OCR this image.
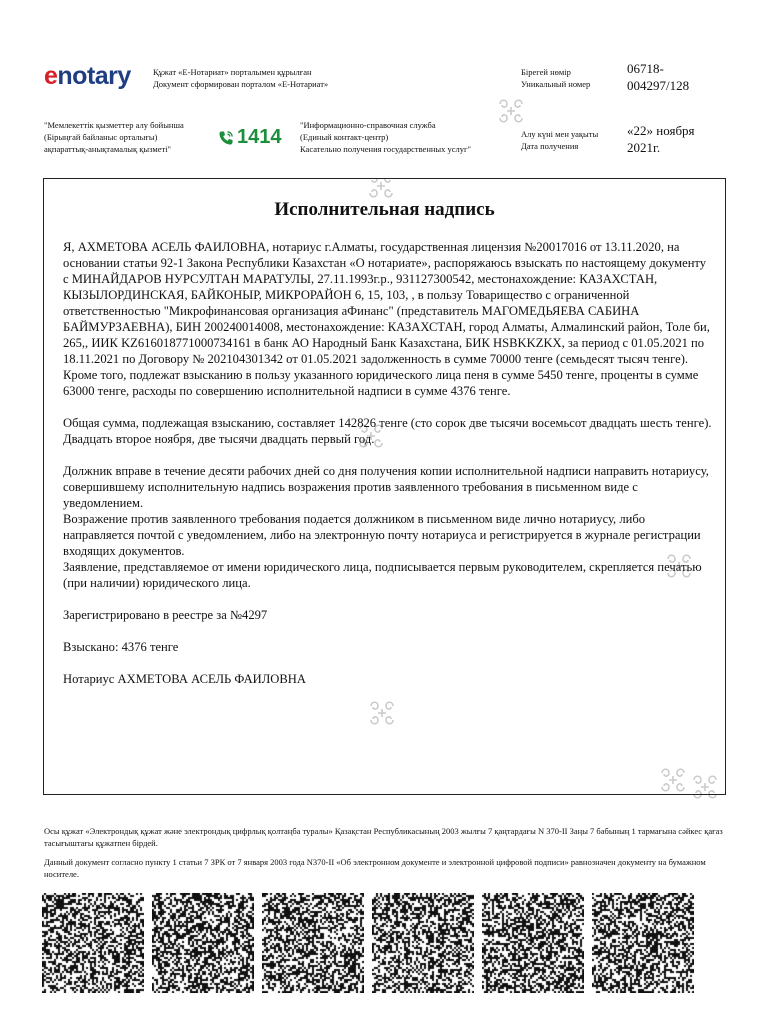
enotary	Құжат «Е-Нотариат» порталымен құрылған
Документ сформирован порталом «Е-Нотариат»
Бірегей нөмір
Уникальный номер
06718-
004297/128
"Мемлекеттік қызметтер алу бойынша
(Бірыңғай байланыс орталығы)
ақпараттық-анықтамалық қызметі"
1414
"Информационно-справочная служба
(Единый контакт-центр)
Касательно получения государственных услуг"
Алу күні мен уақыты
Дата получения
«22» ноября
2021г.
Исполнительная надпись

Я, АХМЕТОВА АСЕЛЬ ФАИЛОВНА, нотариус г.Алматы, государственная лицензия №20017016 от 13.11.2020, на основании статьи 92-1 Закона Республики Казахстан «О нотариате», распоряжаюсь взыскать по настоящему документу с МИНАЙДАРОВ НУРСУЛТАН МАРАТУЛЫ, 27.11.1993г.р., 931127300542, местонахождение: КАЗАХСТАН, КЫЗЫЛОРДИНСКАЯ, БАЙКОНЫР, МИКРОРАЙОН 6, 15, 103, , в пользу Товарищество с ограниченной ответственностью "Микрофинансовая организация аФинанс" (представитель МАГОМЕДЬЯЕВА САБИНА БАЙМУРЗАЕВНА), БИН 200240014008, местонахождение: КАЗАХСТАН, город Алматы, Алмалинский район, Толе би, 265,, ИИК KZ616018771000734161 в банк АО Народный Банк Казахстана, БИК HSBKKZKX, за период с 01.05.2021 по 18.11.2021 по Договору № 202104301342 от 01.05.2021 задолженность в сумме 70000 тенге (семьдесят тысяч тенге). Кроме того, подлежат взысканию в пользу указанного юридического лица пеня в сумме 5450 тенге, проценты в сумме 63000 тенге, расходы по совершению исполнительной надписи в сумме 4376 тенге.

Общая сумма, подлежащая взысканию, составляет 142826 тенге (сто сорок две тысячи восемьсот двадцать шесть тенге).

Двадцать второе ноября, две тысячи двадцать первый год.

Должник вправе в течение десяти рабочих дней со дня получения копии исполнительной надписи направить нотариусу, совершившему исполнительную надпись возражения против заявленного требования в письменном виде с уведомлением.

Возражение против заявленного требования подается должником в письменном виде лично нотариусу, либо направляется почтой с уведомлением, либо на электронную почту нотариуса и регистрируется в журнале регистрации входящих документов.

Заявление, представляемое от имени юридического лица, подписывается первым руководителем, скрепляется печатью (при наличии) юридического лица.

Зарегистрировано в реестре за №4297

Взыскано: 4376 тенге

Нотариус АХМЕТОВА АСЕЛЬ ФАИЛОВНА

Осы құжат «Электрондық құжат және электрондық цифрлық қолтаңба туралы» Қазақстан Республикасының 2003 жылғы 7 қаңтардағы N 370-II Заңы 7 бабының 1 тармағына сәйкес қағаз тасығыштағы құжатпен бірдей.

Данный документ согласно пункту 1 статьи 7 ЗРК от 7 января 2003 года N370-II «Об электронном документе и электронной цифровой подписи» равнозначен документу на бумажном носителе.
